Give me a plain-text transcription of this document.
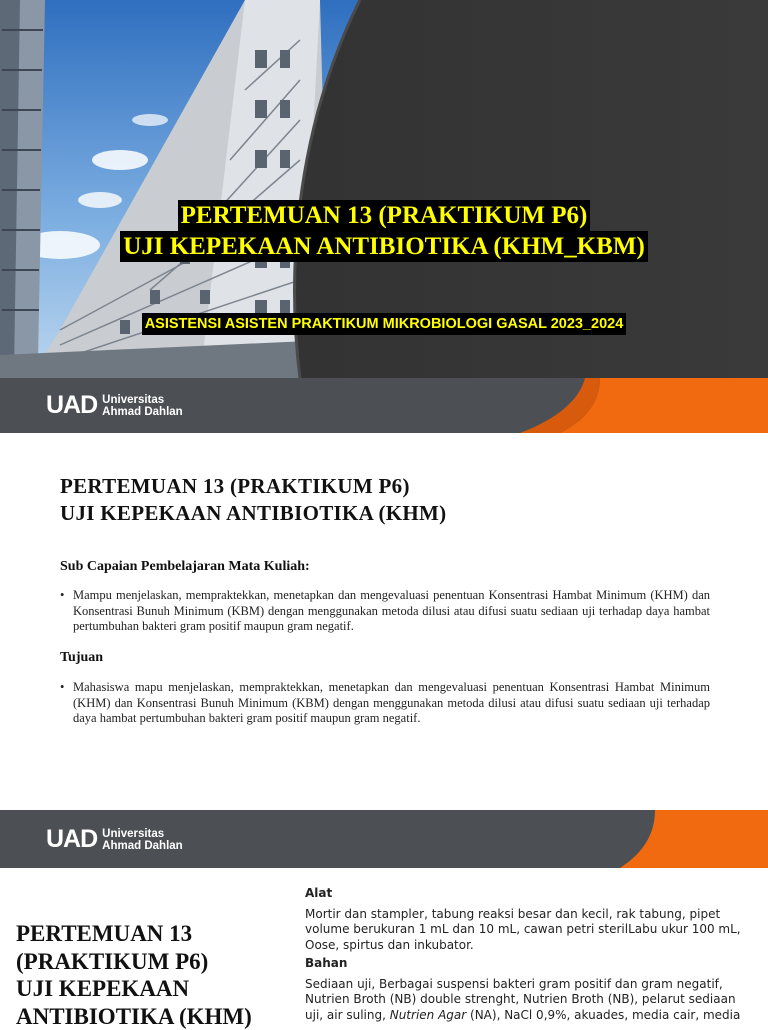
PERTEMUAN 13 (PRAKTIKUM P6)
UJI KEPEKAAN ANTIBIOTIKA (KHM_KBM)
ASISTENSI ASISTEN PRAKTIKUM MIKROBIOLOGI GASAL 2023_2024
UAD Universitas
Ahmad Dahlan
PERTEMUAN 13 (PRAKTIKUM P6)
UJI KEPEKAAN ANTIBIOTIKA (KHM)
Sub Capaian Pembelajaran Mata Kuliah:
• Mampu menjelaskan, mempraktekkan, menetapkan dan mengevaluasi penentuan Konsentrasi Hambat Minimum (KHM) dan Konsentrasi Bunuh Minimum (KBM) dengan menggunakan metoda dilusi atau difusi suatu sediaan uji terhadap daya hambat pertumbuhan bakteri gram positif maupun gram negatif.
Tujuan
• Mahasiswa mapu menjelaskan, mempraktekkan, menetapkan dan mengevaluasi penentuan Konsentrasi Hambat Minimum (KHM) dan Konsentrasi Bunuh Minimum (KBM) dengan menggunakan metoda dilusi atau difusi suatu sediaan uji terhadap daya hambat pertumbuhan bakteri gram positif maupun gram negatif.
UAD Universitas
Ahmad Dahlan
PERTEMUAN 13
(PRAKTIKUM P6)
UJI KEPEKAAN
ANTIBIOTIKA (KHM)
Alat
Mortir dan stampler, tabung reaksi besar dan kecil, rak tabung, pipet volume berukuran 1 mL dan 10 mL, cawan petri sterilLabu ukur 100 mL, Oose, spirtus dan inkubator.
Bahan
Sediaan uji, Berbagai suspensi bakteri gram positif dan gram negatif, Nutrien Broth (NB) double strenght, Nutrien Broth (NB), pelarut sediaan uji, air suling, Nutrien Agar (NA), NaCl 0,9%, akuades, media cair, media
